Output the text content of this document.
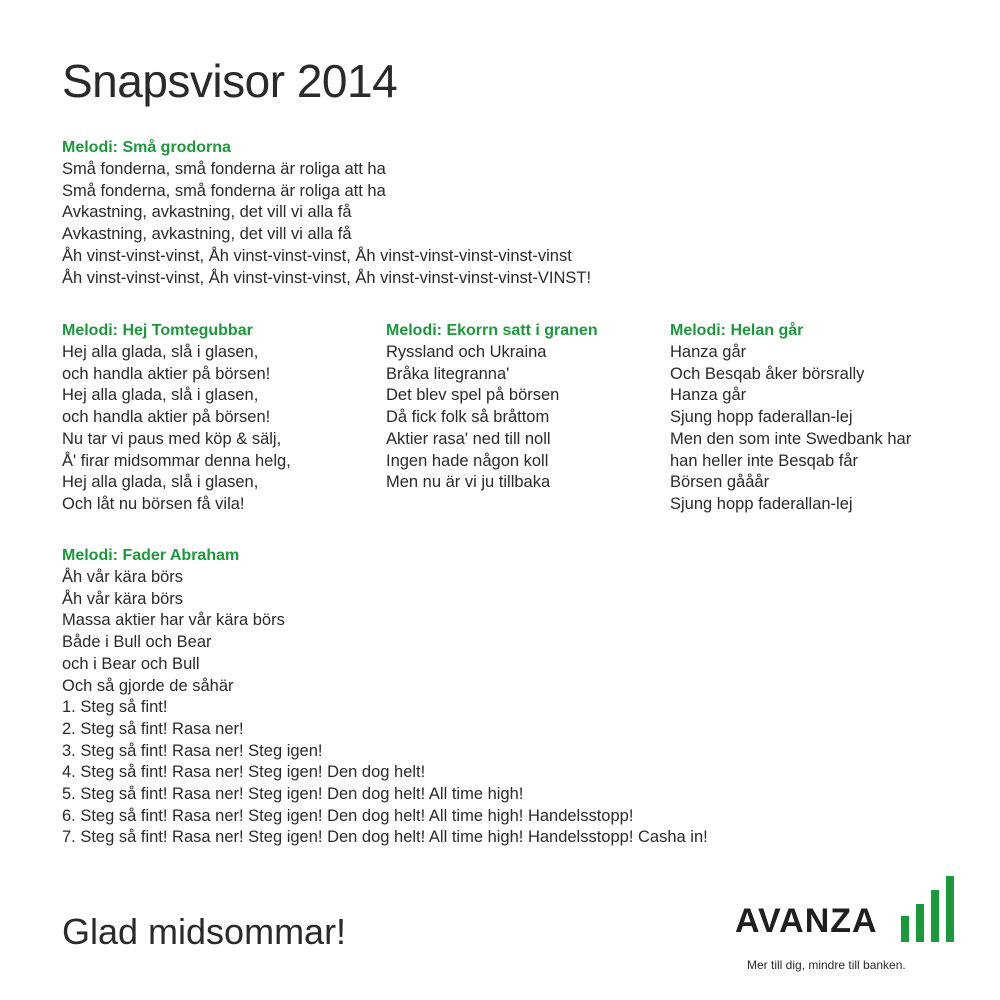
Snapsvisor 2014

Melodi: Små grodorna

Små fonderna, små fonderna är roliga att ha
Små fonderna, små fonderna är roliga att ha
Avkastning, avkastning, det vill vi alla få
Avkastning, avkastning, det vill vi alla få
Åh vinst-vinst-vinst, Åh vinst-vinst-vinst, Åh vinst-vinst-vinst-vinst-vinst
Åh vinst-vinst-vinst, Åh vinst-vinst-vinst, Åh vinst-vinst-vinst-vinst-VINST!

Melodi: Hej Tomtegubbar

Hej alla glada, slå i glasen,
och handla aktier på börsen!
Hej alla glada, slå i glasen,
och handla aktier på börsen!
Nu tar vi paus med köp & sälj,
Å' firar midsommar denna helg,
Hej alla glada, slå i glasen,
Och låt nu börsen få vila!

Melodi: Ekorrn satt i granen

Ryssland och Ukraina
Bråka litegranna'
Det blev spel på börsen
Då fick folk så bråttom
Aktier rasa' ned till noll
Ingen hade någon koll
Men nu är vi ju tillbaka

Melodi: Helan går

Hanza går
Och Besqab åker börsrally
Hanza går
Sjung hopp faderallan-lej
Men den som inte Swedbank har
han heller inte Besqab får
Börsen gååår
Sjung hopp faderallan-lej

Melodi: Fader Abraham

Åh vår kära börs
Åh vår kära börs
Massa aktier har vår kära börs
Både i Bull och Bear
och i Bear och Bull
Och så gjorde de såhär
1. Steg så fint!
2. Steg så fint! Rasa ner!
3. Steg så fint! Rasa ner! Steg igen!
4. Steg så fint! Rasa ner! Steg igen! Den dog helt!
5. Steg så fint! Rasa ner! Steg igen! Den dog helt! All time high!
6. Steg så fint! Rasa ner! Steg igen! Den dog helt! All time high! Handelsstopp!
7. Steg så fint! Rasa ner! Steg igen! Den dog helt! All time high! Handelsstopp! Casha in!

Glad midsommar!	AVANZA
Mer till dig, mindre till banken.
